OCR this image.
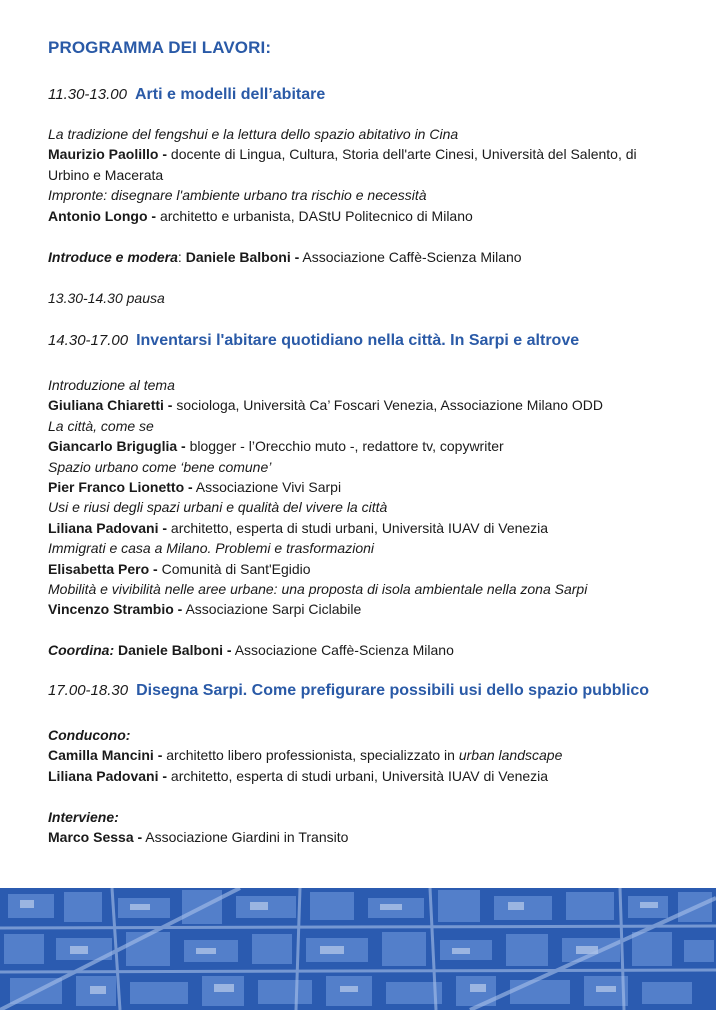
PROGRAMMA DEI LAVORI:
11.30-13.00 Arti e modelli dell’abitare
La tradizione del fengshui e la lettura dello spazio abitativo in Cina
Maurizio Paolillo - docente di Lingua, Cultura, Storia dell'arte Cinesi, Università del Salento, di
Urbino e Macerata
Impronte: disegnare l'ambiente urbano tra rischio e necessità
Antonio Longo - architetto e urbanista, DAStU Politecnico di Milano
Introduce e modera: Daniele Balboni - Associazione Caffè-Scienza Milano
13.30-14.30 pausa
14.30-17.00 Inventarsi l'abitare quotidiano nella città. In Sarpi e altrove
Introduzione al tema
Giuliana Chiaretti - sociologa, Università Ca’ Foscari Venezia, Associazione Milano ODD
La città, come se
Giancarlo Briguglia - blogger - l’Orecchio muto -, redattore tv, copywriter
Spazio urbano come ‘bene comune’
Pier Franco Lionetto - Associazione Vivi Sarpi
Usi e riusi degli spazi urbani e qualità del vivere la città
Liliana Padovani - architetto, esperta di studi urbani, Università IUAV di Venezia
Immigrati e casa a Milano. Problemi e trasformazioni
Elisabetta Pero - Comunità di Sant'Egidio
Mobilità e vivibilità nelle aree urbane: una proposta di isola ambientale nella zona Sarpi
Vincenzo Strambio - Associazione Sarpi Ciclabile
Coordina: Daniele Balboni - Associazione Caffè-Scienza Milano
17.00-18.30 Disegna Sarpi. Come prefigurare possibili usi dello spazio pubblico
Conducono:
Camilla Mancini - architetto libero professionista, specializzato in urban landscape
Liliana Padovani - architetto, esperta di studi urbani, Università IUAV di Venezia
Interviene:
Marco Sessa - Associazione Giardini in Transito
